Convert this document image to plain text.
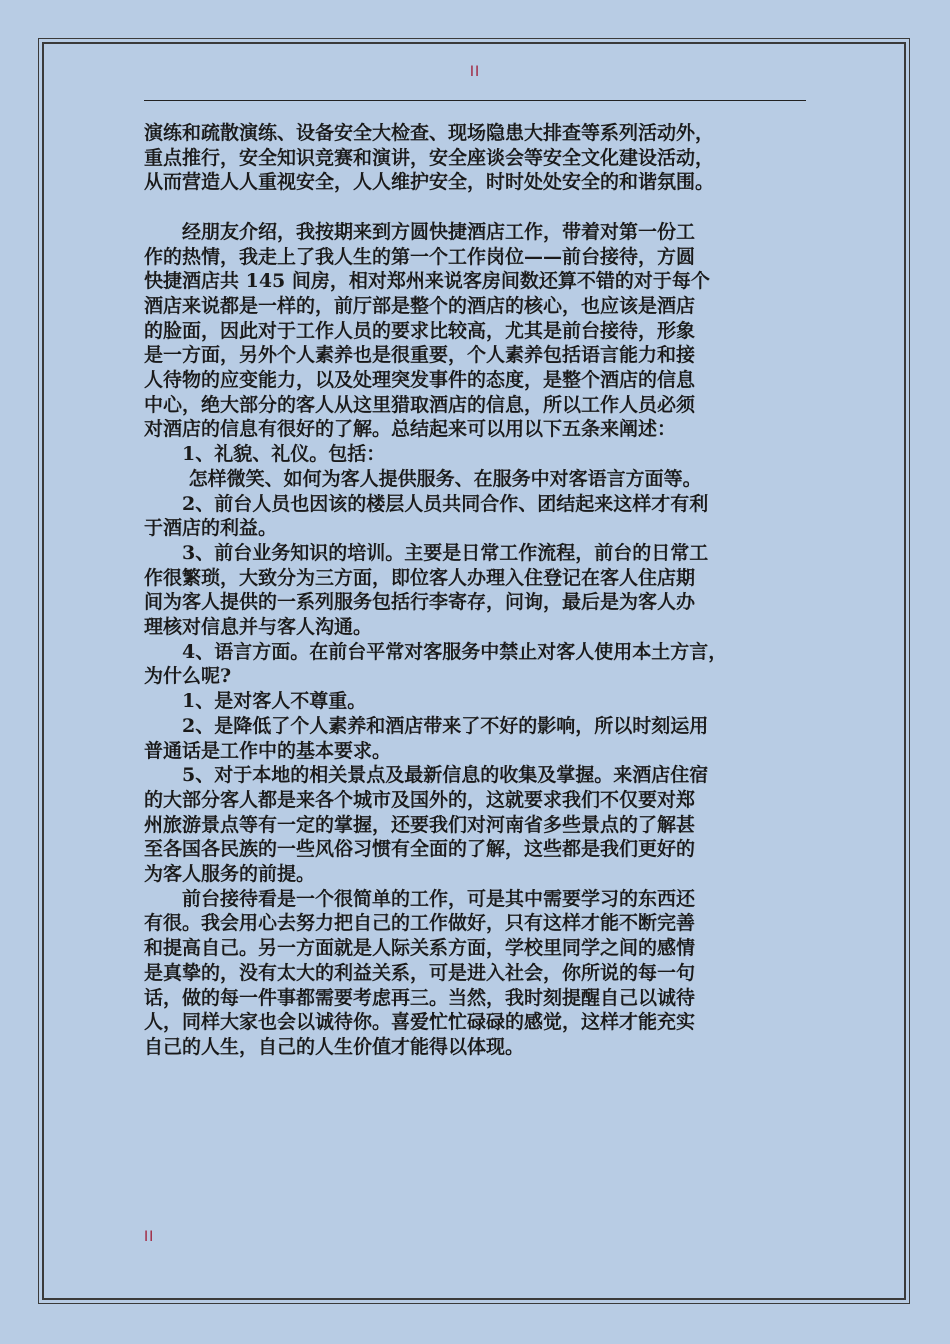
II

演练和疏散演练、设备安全大检查、现场隐患大排查等系列活动外，

重点推行，安全知识竞赛和演讲，安全座谈会等安全文化建设活动，

从而营造人人重视安全，人人维护安全，时时处处安全的和谐氛围。

　　经朋友介绍，我按期来到方圆快捷酒店工作，带着对第一份工

作的热情，我走上了我人生的第一个工作岗位——前台接待，方圆

快捷酒店共 145 间房，相对郑州来说客房间数还算不错的对于每个

酒店来说都是一样的，前厅部是整个的酒店的核心，也应该是酒店

的脸面，因此对于工作人员的要求比较高，尤其是前台接待，形象

是一方面，另外个人素养也是很重要，个人素养包括语言能力和接

人待物的应变能力，以及处理突发事件的态度，是整个酒店的信息

中心，绝大部分的客人从这里猎取酒店的信息，所以工作人员必须

对酒店的信息有很好的了解。总结起来可以用以下五条来阐述：

　　1、礼貌、礼仪。包括：

　　 怎样微笑、如何为客人提供服务、在服务中对客语言方面等。

　　2、前台人员也因该的楼层人员共同合作、团结起来这样才有利

于酒店的利益。

　　3、前台业务知识的培训。主要是日常工作流程，前台的日常工

作很繁琐，大致分为三方面，即位客人办理入住登记在客人住店期

间为客人提供的一系列服务包括行李寄存，问询，最后是为客人办

理核对信息并与客人沟通。

　　4、语言方面。在前台平常对客服务中禁止对客人使用本土方言，

为什么呢?

　　1、是对客人不尊重。

　　2、是降低了个人素养和酒店带来了不好的影响，所以时刻运用

普通话是工作中的基本要求。

　　5、对于本地的相关景点及最新信息的收集及掌握。来酒店住宿

的大部分客人都是来各个城市及国外的，这就要求我们不仅要对郑

州旅游景点等有一定的掌握，还要我们对河南省多些景点的了解甚

至各国各民族的一些风俗习惯有全面的了解，这些都是我们更好的

为客人服务的前提。

　　前台接待看是一个很简单的工作，可是其中需要学习的东西还

有很。我会用心去努力把自己的工作做好，只有这样才能不断完善

和提高自己。另一方面就是人际关系方面，学校里同学之间的感情

是真挚的，没有太大的利益关系，可是进入社会，你所说的每一句

话，做的每一件事都需要考虑再三。当然，我时刻提醒自己以诚待

人，同样大家也会以诚待你。喜爱忙忙碌碌的感觉，这样才能充实

自己的人生，自己的人生价值才能得以体现。

II
